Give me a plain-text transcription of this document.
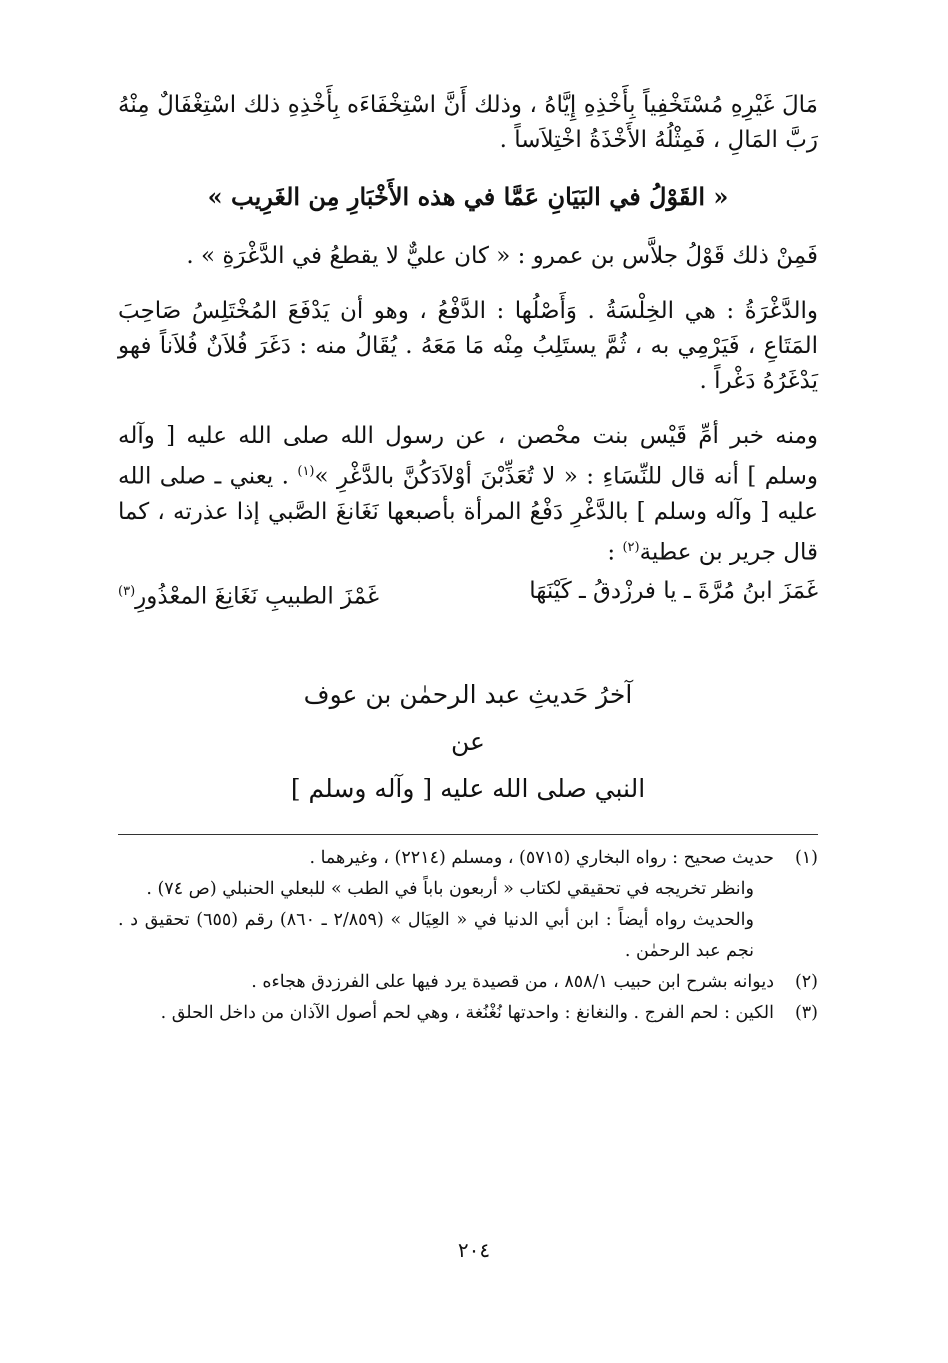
مَالَ غَيْرِهِ مُسْتَخْفِياً بِأَخْذِهِ إِيَّاهُ ، وذلك أَنَّ اسْتِخْفَاءَه بِأَخْذِهِ ذلك اسْتِغْفَالٌ مِنْهُ رَبَّ المَالِ ، فَمِثْلُهُ الأَخْذَةُ اخْتِلاَساً .

« القَوْلُ في البَيَانِ عَمَّا في هذه الأَخْبَارِ مِن الغَرِيب »

فَمِنْ ذلك قَوْلُ جلاَّس بن عمرو : « كان عليٌّ لا يقطعُ في الدَّغْرَةِ » .

والدَّغْرَةُ : هي الخِلْسَةُ . وَأَصْلُها : الدَّفْعُ ، وهو أن يَدْفَعَ المُخْتَلِسُ صَاحِبَ المَتَاعِ ، فَيَرْمِي به ، ثُمَّ يستَلِبُ مِنْه مَا مَعَهُ . يُقَالُ منه : دَغَرَ فُلاَنٌ فُلاَناً فهو يَدْغَرُهُ دَغْراً .

ومنه خبر أمِّ قَيْس بنت محْصن ، عن رسول الله صلى الله عليه [ وآله وسلم ] أنه قال للنِّسَاءِ : « لا تُعَذِّبْنَ أوْلاَدَكُنَّ بالدَّغْرِ »$^{(١)}$ . يعني ـ صلى الله عليه [ وآله وسلم ] بالدَّغْرِ دَفْعُ المرأة بأصبعها نَغَانغَ الصَّبي إذا عذرته ، كما قال جرير بن عطية$^{(٢)}$ :

غَمَزَ ابنُ مُرَّةَ ـ يا فرزْدقُ ـ كَيْنَهَا
غَمْزَ الطبيبِ نَغَانِغَ المعْذُورِ$^{(٣)}$
آخرُ حَديثِ عبد الرحمٰن بن عوف
عن
النبي صلى الله عليه [ وآله وسلم ]
(١)
حديث صحيح : رواه البخاري (٥٧١٥) ، ومسلم (٢٢١٤) ، وغيرهما .
وانظر تخريجه في تحقيقي لكتاب « أربعون باباً في الطب » للبعلي الحنبلي (ص ٧٤) .
والحديث رواه أيضاً : ابن أبي الدنيا في « العِيَال » (٢/٨٥٩ ـ ٨٦٠) رقم (٦٥٥) تحقيق د . نجم عبد الرحمٰن .
(٢)
ديوانه بشرح ابن حبيب ٨٥٨/١ ، من قصيدة يرد فيها على الفرزدق هجاءه .
(٣)
الكين : لحم الفرج . والنغانغ : واحدتها نُغْنُغة ، وهي لحم أصول الآذان من داخل الحلق .
٢٠٤
